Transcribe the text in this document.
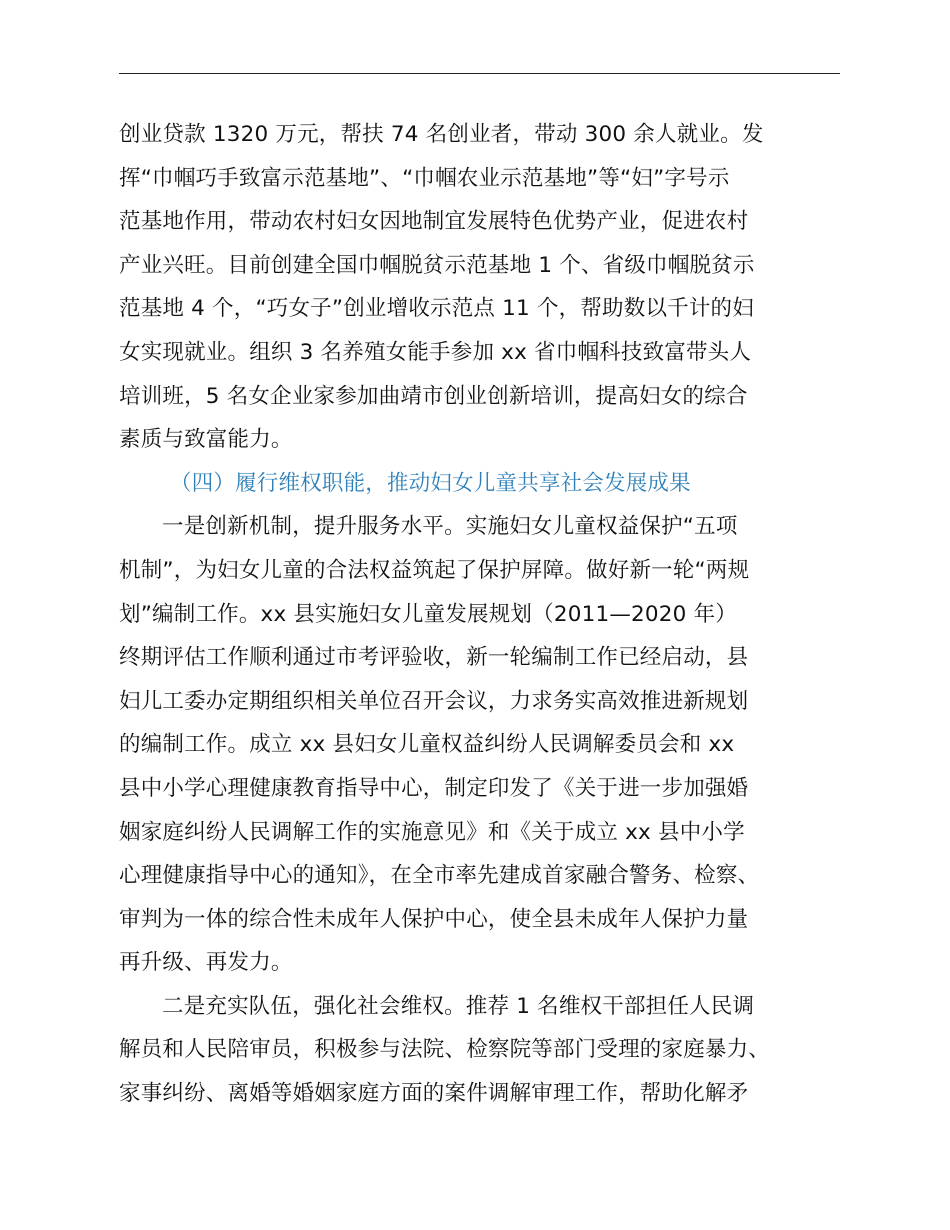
创业贷款 1320 万元，帮扶 74 名创业者，带动 300 余人就业。发
挥“巾帼巧手致富示范基地”、“巾帼农业示范基地”等“妇”字号示
范基地作用，带动农村妇女因地制宜发展特色优势产业，促进农村
产业兴旺。目前创建全国巾帼脱贫示范基地 1 个、省级巾帼脱贫示
范基地 4 个，“巧女子”创业增收示范点 11 个，帮助数以千计的妇
女实现就业。组织 3 名养殖女能手参加 xx 省巾帼科技致富带头人
培训班，5 名女企业家参加曲靖市创业创新培训，提高妇女的综合
素质与致富能力。
（四）履行维权职能，推动妇女儿童共享社会发展成果
一是创新机制，提升服务水平。实施妇女儿童权益保护“五项
机制”，为妇女儿童的合法权益筑起了保护屏障。做好新一轮“两规
划”编制工作。xx 县实施妇女儿童发展规划（2011—2020 年）
终期评估工作顺利通过市考评验收，新一轮编制工作已经启动，县
妇儿工委办定期组织相关单位召开会议，力求务实高效推进新规划
的编制工作。成立 xx 县妇女儿童权益纠纷人民调解委员会和 xx
县中小学心理健康教育指导中心，制定印发了《关于进一步加强婚
姻家庭纠纷人民调解工作的实施意见》和《关于成立 xx 县中小学
心理健康指导中心的通知》，在全市率先建成首家融合警务、检察、
审判为一体的综合性未成年人保护中心，使全县未成年人保护力量
再升级、再发力。
二是充实队伍，强化社会维权。推荐 1 名维权干部担任人民调
解员和人民陪审员，积极参与法院、检察院等部门受理的家庭暴力、
家事纠纷、离婚等婚姻家庭方面的案件调解审理工作，帮助化解矛
